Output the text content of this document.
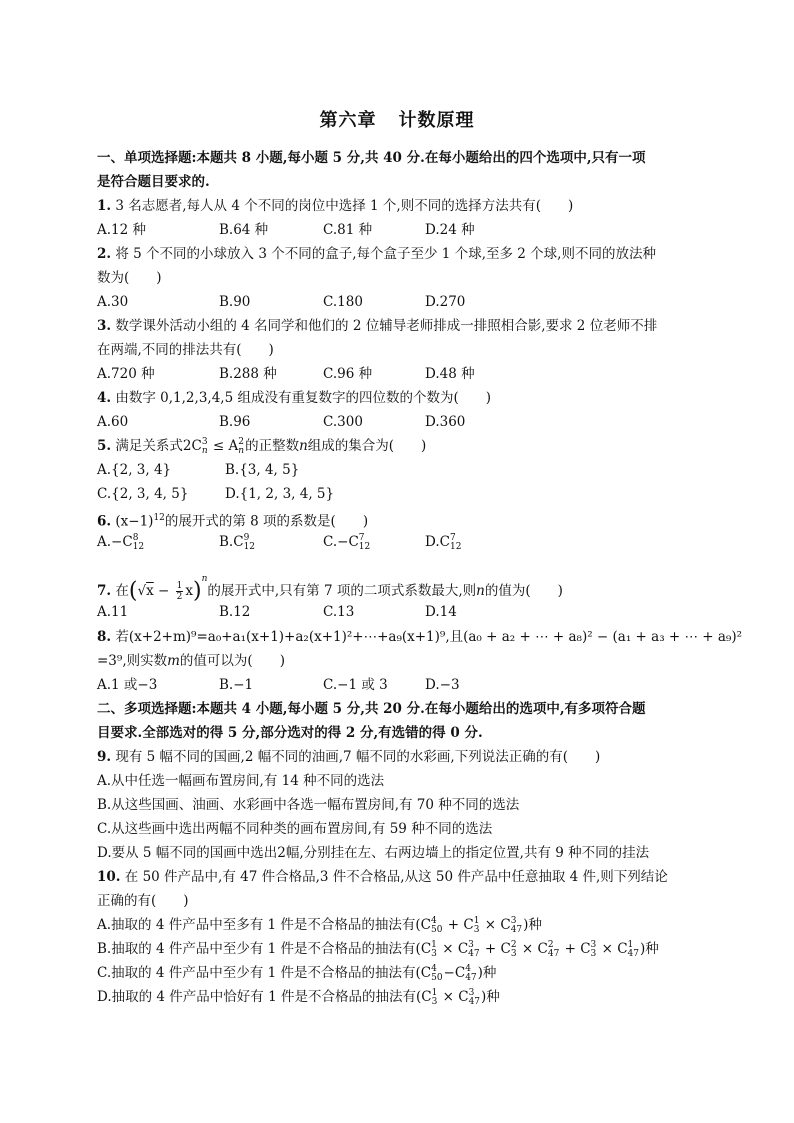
第六章 计数原理
一、单项选择题:本题共 8 小题,每小题 5 分,共 40 分.在每小题给出的四个选项中,只有一项
是符合题目要求的.
1. 3 名志愿者,每人从 4 个不同的岗位中选择 1 个,则不同的选择方法共有(　　)
A.12 种	B.64 种	C.81 种	D.24 种
2. 将 5 个不同的小球放入 3 个不同的盒子,每个盒子至少 1 个球,至多 2 个球,则不同的放法种
数为(　　)
A.30	B.90	C.180	D.270
3. 数学课外活动小组的 4 名同学和他们的 2 位辅导老师排成一排照相合影,要求 2 位老师不排
在两端,不同的排法共有(　　)
A.720 种	B.288 种	C.96 种	D.48 种
4. 由数字 0,1,2,3,4,5 组成没有重复数字的四位数的个数为(　　)
A.60	B.96	C.300	D.360
5. 满足关系式2C 3
n ≤ A 2
n 的正整数n组成的集合为(　　)
A.{2, 3, 4}	B.{3, 4, 5}
C.{2, 3, 4, 5}	D.{1, 2, 3, 4, 5}
6. $(x-1)^{12}$的展开式的第 8 项的系数是(　　)
A.−C 8
12	B.C 9
12	C.−C 7
12	D.C 7
12
7. 在$(√x - \frac{1}{2} x)^n$的展开式中,只有第 7 项的二项式系数最大,则n的值为(　　)
A.11	B.12	C.13	D.14
8. 若(x+2+m)⁹=a₀+a₁(x+1)+a₂(x+1)²+⋯+a₉(x+1)⁹,且(a₀ + a₂ + ⋯ + a₈)² − (a₁ + a₃ + ⋯ + a₉)²
=3⁹,则实数m的值可以为(　　)
A.1 或−3	B.−1	C.−1 或 3	D.−3
二、多项选择题:本题共 4 小题,每小题 5 分,共 20 分.在每小题给出的选项中,有多项符合题
目要求.全部选对的得 5 分,部分选对的得 2 分,有选错的得 0 分.
9. 现有 5 幅不同的国画,2 幅不同的油画,7 幅不同的水彩画,下列说法正确的有(　　)
A.从中任选一幅画布置房间,有 14 种不同的选法
B.从这些国画、油画、水彩画中各选一幅布置房间,有 70 种不同的选法
C.从这些画中选出两幅不同种类的画布置房间,有 59 种不同的选法
D.要从 5 幅不同的国画中选出2幅,分别挂在左、右两边墙上的指定位置,共有 9 种不同的挂法
10. 在 50 件产品中,有 47 件合格品,3 件不合格品,从这 50 件产品中任意抽取 4 件,则下列结论
正确的有(　　)
A.抽取的 4 件产品中至多有 1 件是不合格品的抽法有(C 4
50 + C 1
3 × C 3
47 )种
B.抽取的 4 件产品中至少有 1 件是不合格品的抽法有(C 1
3 × C 3
47 + C 2
3 × C 2
47 + C 3
3 × C 1
47 )种
C.抽取的 4 件产品中至少有 1 件是不合格品的抽法有(C 4
50 −C 4
47 )种
D.抽取的 4 件产品中恰好有 1 件是不合格品的抽法有(C 1
3 × C 3
47 )种
